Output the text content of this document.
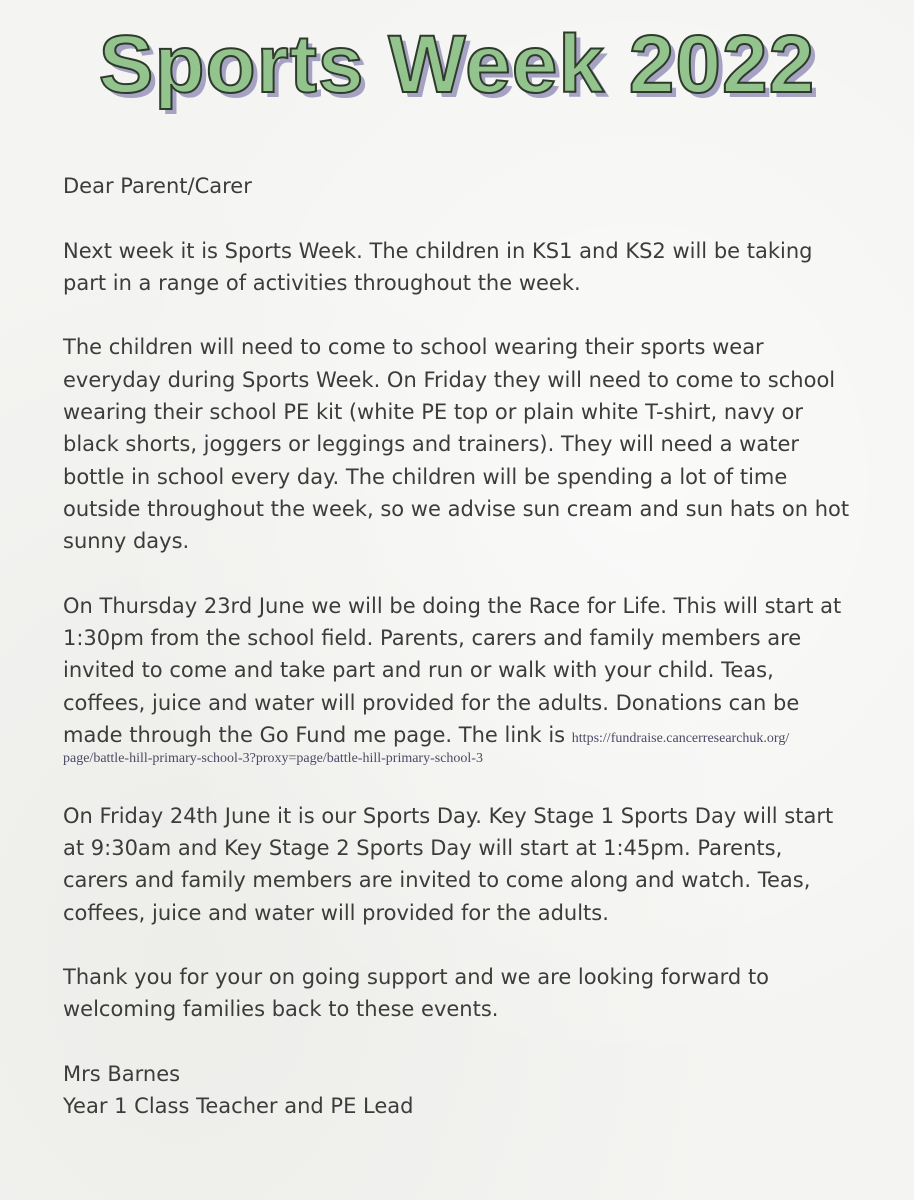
Sports Week 2022

Dear Parent/Carer

Next week it is Sports Week. The children in KS1 and KS2 will be taking part in a range of activities throughout the week.

The children will need to come to school wearing their sports wear everyday during Sports Week. On Friday they will need to come to school wearing their school PE kit (white PE top or plain white T-shirt, navy or black shorts, joggers or leggings and trainers). They will need a water bottle in school every day. The children will be spending a lot of time outside throughout the week, so we advise sun cream and sun hats on hot sunny days.

On Thursday 23rd June we will be doing the Race for Life. This will start at 1:30pm from the school field. Parents, carers and family members are invited to come and take part and run or walk with your child. Teas, coffees, juice and water will provided for the adults. Donations can be made through the Go Fund me page. The link is https://fundraise.cancerresearchuk.org/
page/battle-hill-primary-school-3?proxy=page/battle-hill-primary-school-3

On Friday 24th June it is our Sports Day. Key Stage 1 Sports Day will start at 9:30am and Key Stage 2 Sports Day will start at 1:45pm. Parents, carers and family members are invited to come along and watch. Teas, coffees, juice and water will provided for the adults.

Thank you for your on going support and we are looking forward to welcoming families back to these events.

Mrs Barnes

Year 1 Class Teacher and PE Lead
